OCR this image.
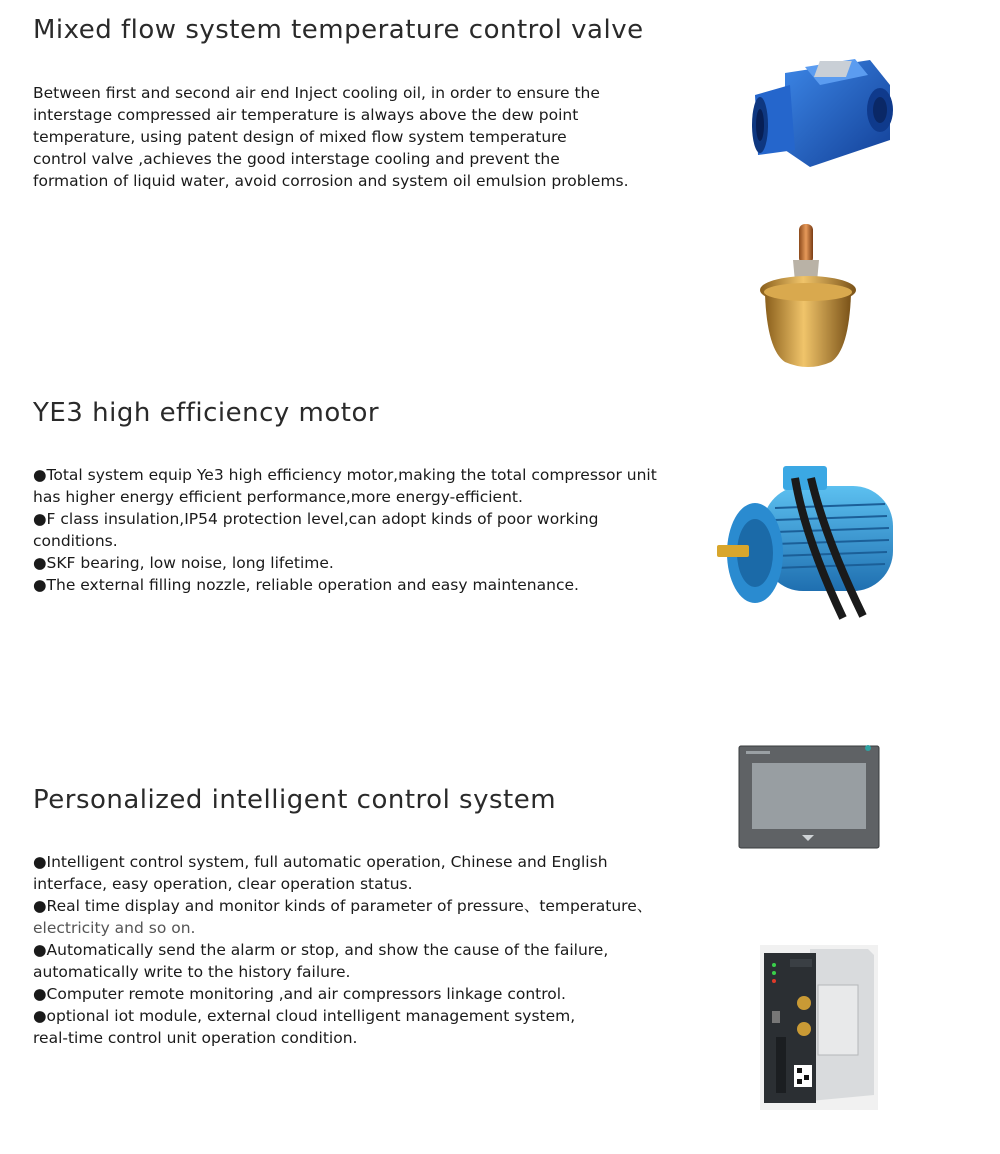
Mixed flow system temperature control valve

Between first and second air end Inject cooling oil, in order to ensure the
interstage compressed air temperature is always above the dew point
temperature, using patent design of mixed flow system temperature
control valve ,achieves the good interstage cooling and prevent the
formation of liquid water, avoid corrosion and system oil emulsion problems.

YE3 high efficiency motor

●Total system equip Ye3 high efficiency motor,making the total compressor unit
has higher energy efficient performance,more energy-efficient.
●F class insulation,IP54 protection level,can adopt kinds of poor working
conditions.
●SKF bearing, low noise, long lifetime.
●The external filling nozzle, reliable operation and easy maintenance.

Personalized intelligent control system

●Intelligent control system, full automatic operation, Chinese and English
interface, easy operation, clear operation status.
●Real time display and monitor kinds of parameter of pressure、temperature、
electricity and so on.
●Automatically send the alarm or stop, and show the cause of the failure,
automatically write to the history failure.
●Computer remote monitoring ,and air compressors linkage control.
●optional iot module, external cloud intelligent management system,
real-time control unit operation condition.
